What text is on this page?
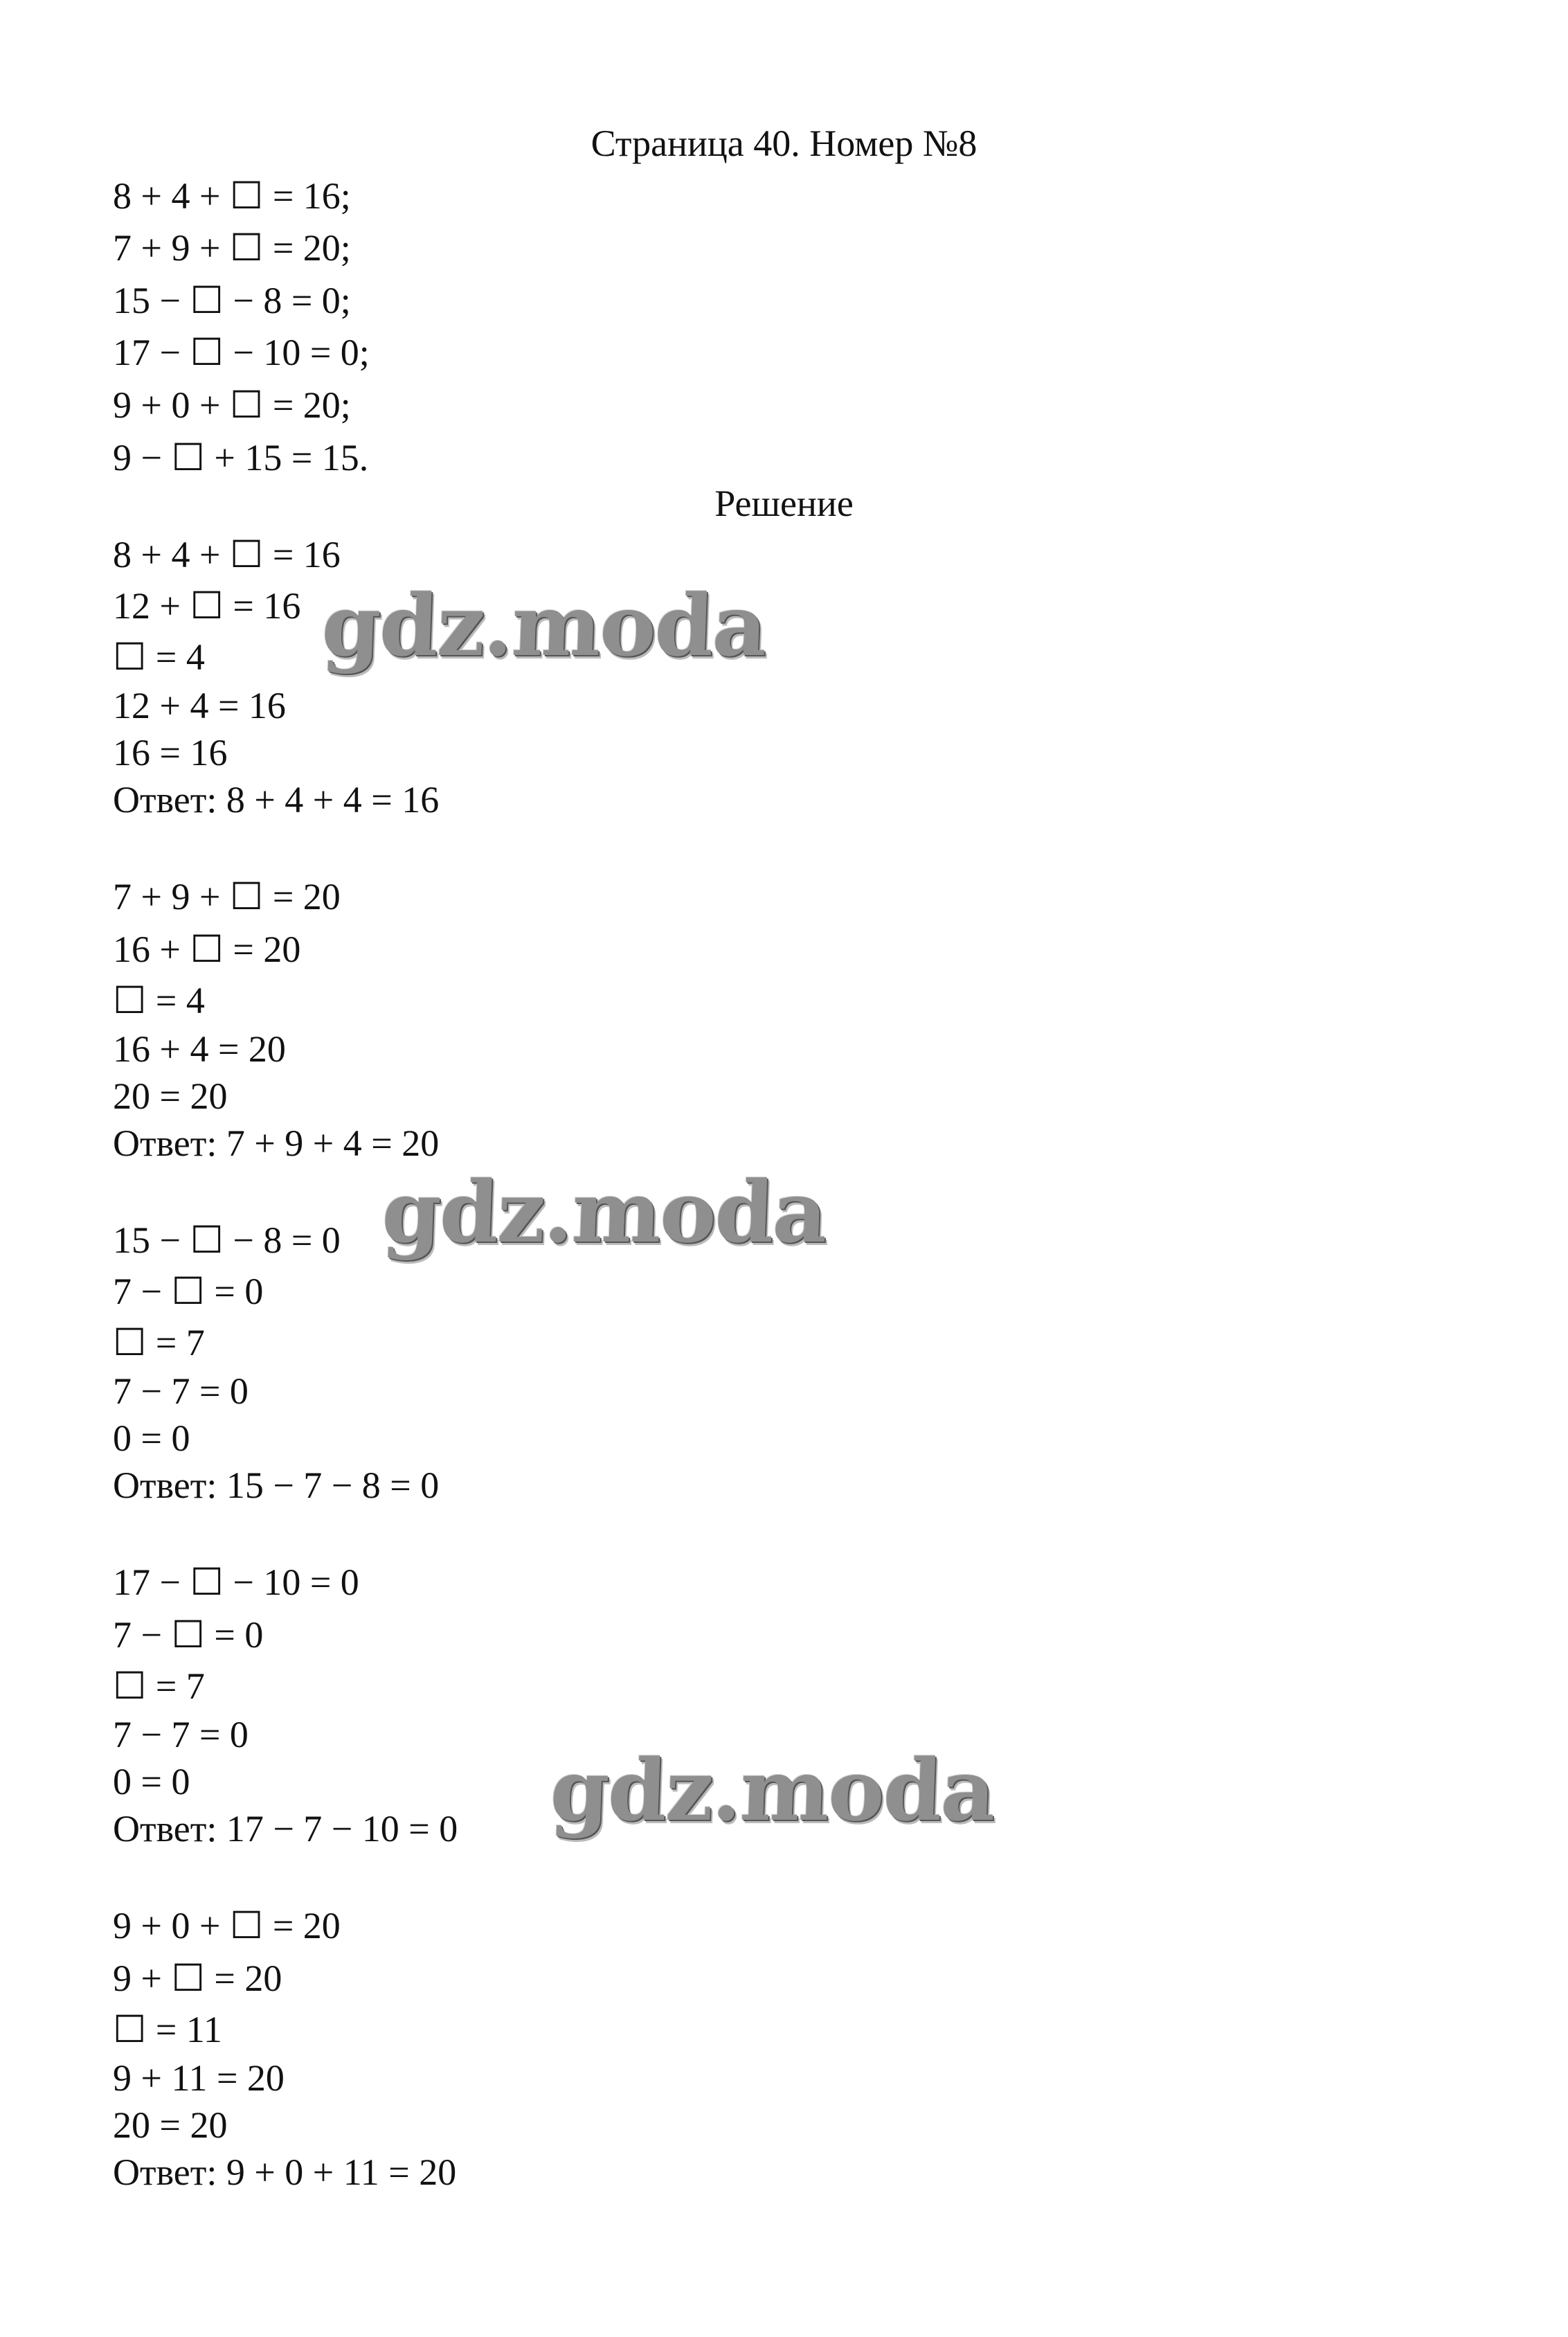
Страница 40. Номер №8
8 + 4 + ☐ = 16;
7 + 9 + ☐ = 20;
15 − ☐ − 8 = 0;
17 − ☐ − 10 = 0;
9 + 0 + ☐ = 20;
9 − ☐ + 15 = 15.
Решение
8 + 4 + ☐ = 16
12 + ☐ = 16
☐ = 4
12 + 4 = 16
16 = 16
Ответ: 8 + 4 + 4 = 16
7 + 9 + ☐ = 20
16 + ☐ = 20
☐ = 4
16 + 4 = 20
20 = 20
Ответ: 7 + 9 + 4 = 20
15 − ☐ − 8 = 0
7 − ☐ = 0
☐ = 7
7 − 7 = 0
0 = 0
Ответ: 15 − 7 − 8 = 0
17 − ☐ − 10 = 0
7 − ☐ = 0
☐ = 7
7 − 7 = 0
0 = 0
Ответ: 17 − 7 − 10 = 0
9 + 0 + ☐ = 20
9 + ☐ = 20
☐ = 11
9 + 11 = 20
20 = 20
Ответ: 9 + 0 + 11 = 20
gdz.moda
gdz.moda
gdz.moda
